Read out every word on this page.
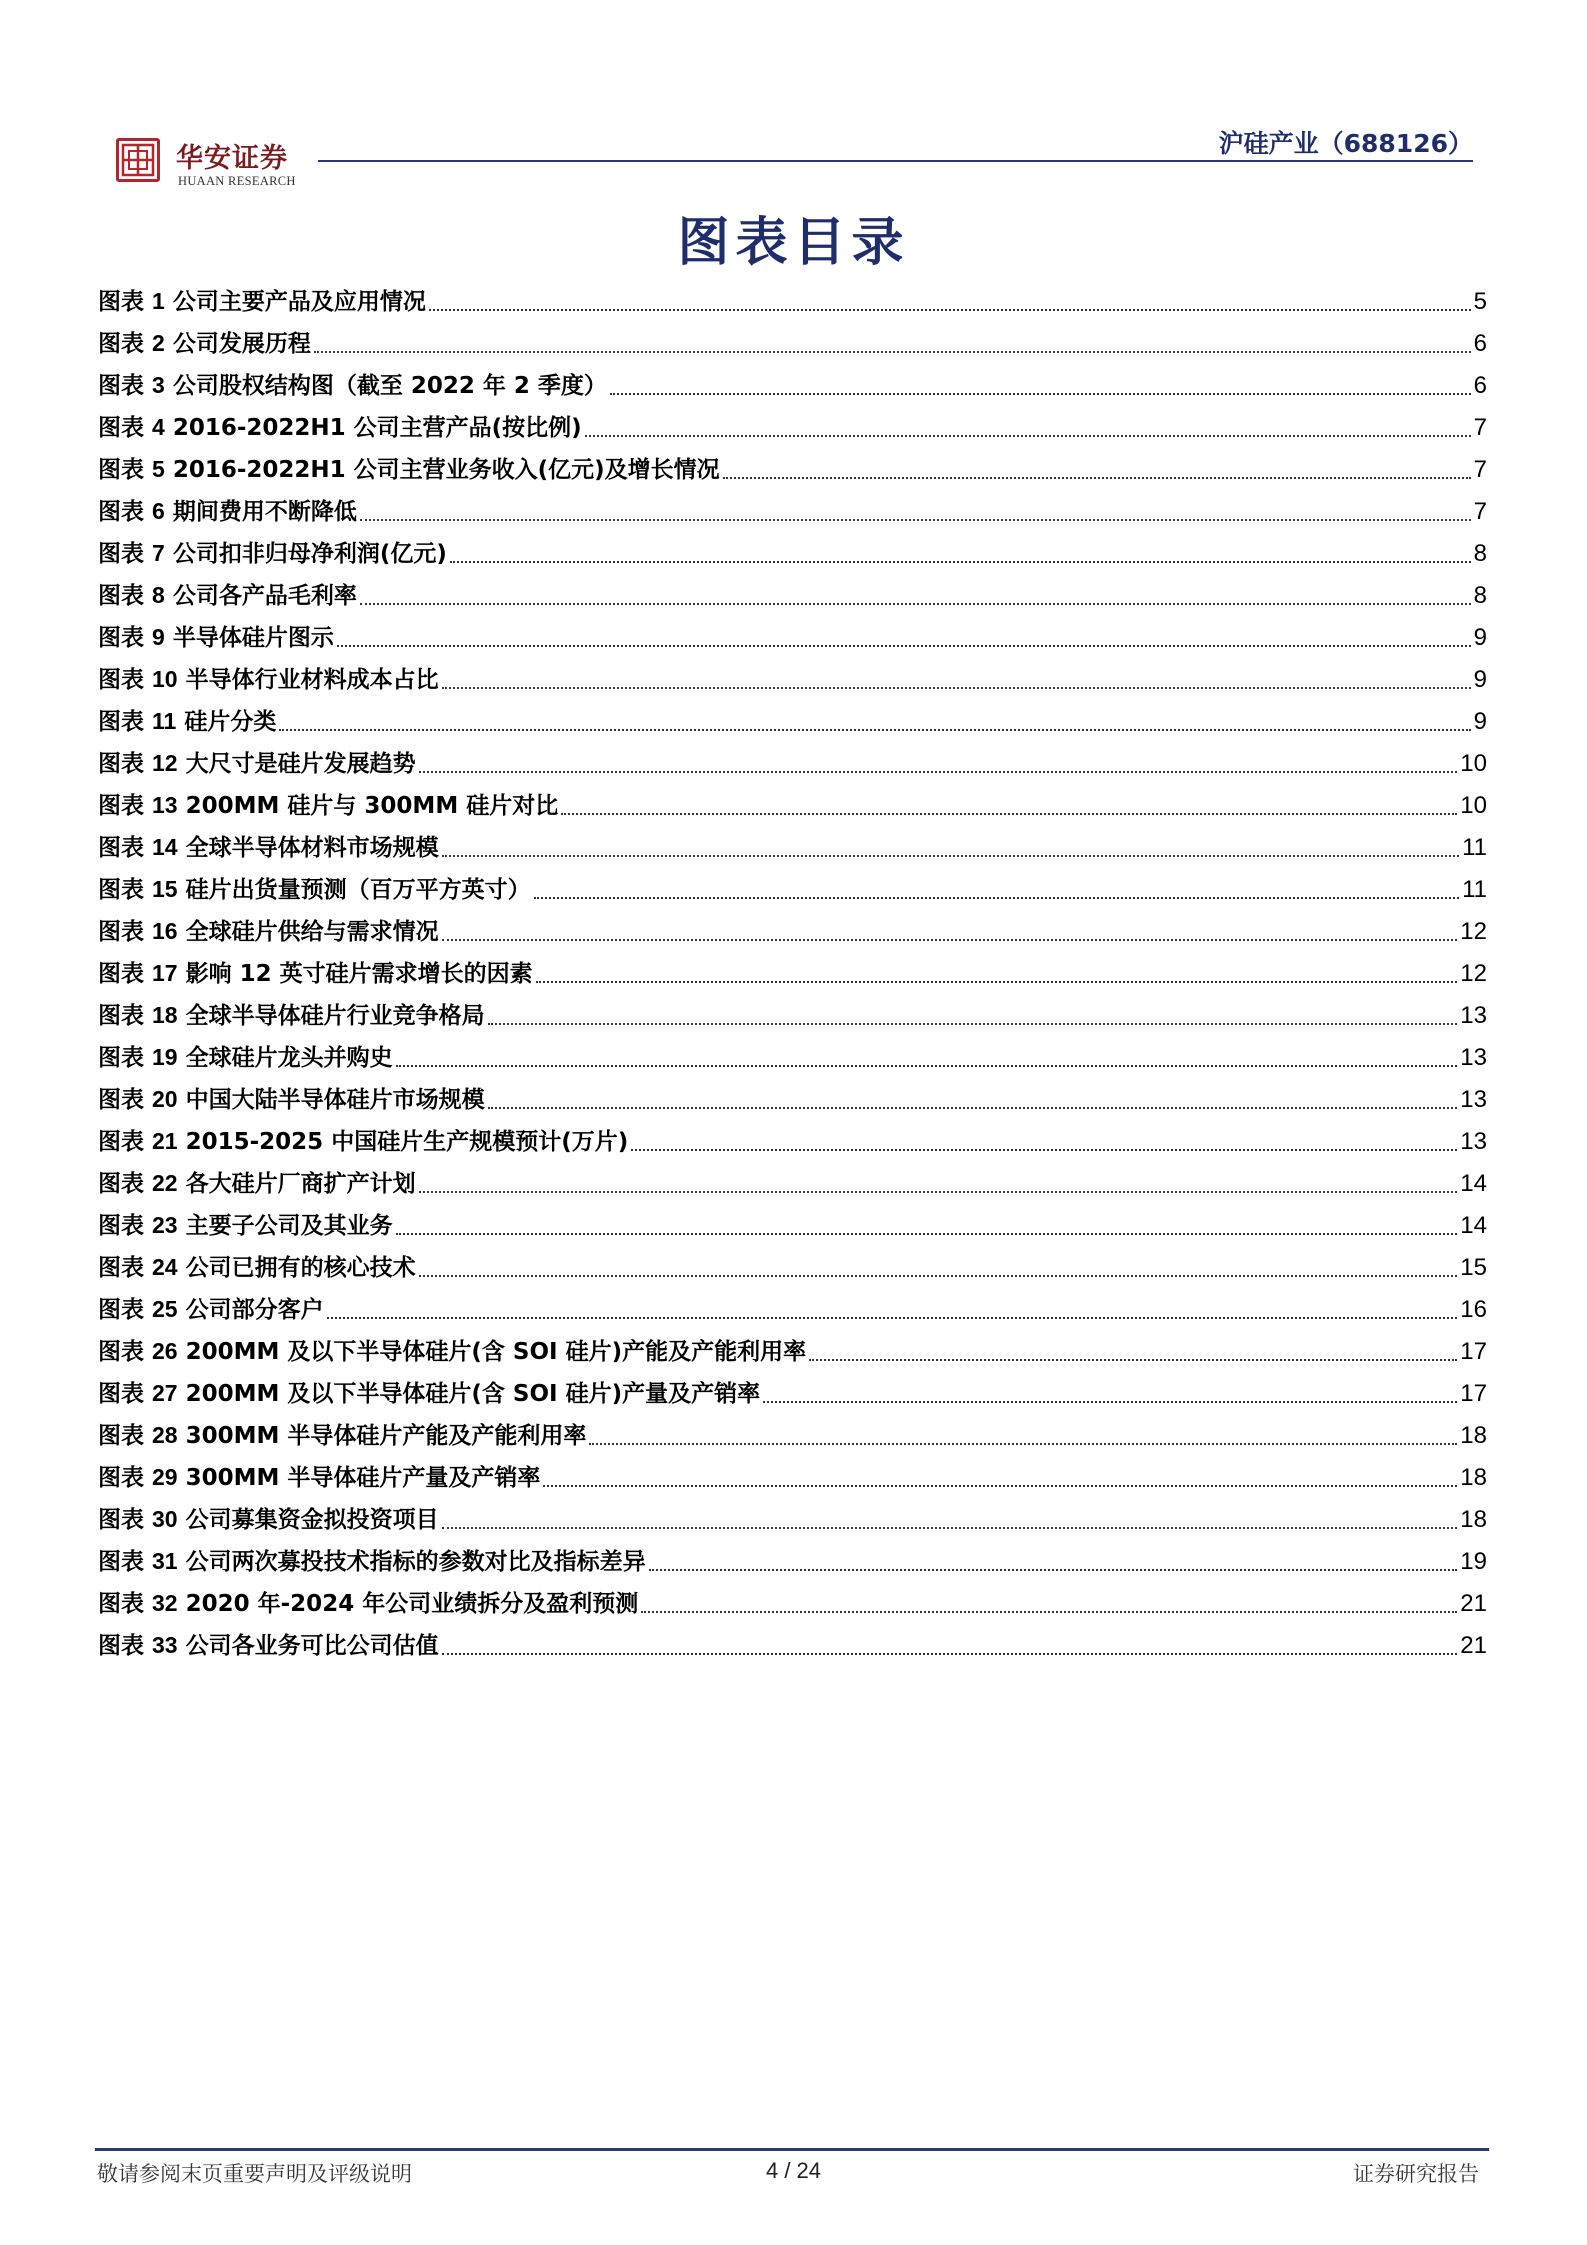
华安证券
HUAAN RESEARCH
沪硅产业（688126）
图表目录
图表 1 公司主要产品及应用情况	5
图表 2 公司发展历程	6
图表 3 公司股权结构图（截至 2022 年 2 季度）	6
图表 4 2016-2022H1 公司主营产品(按比例)	7
图表 5 2016-2022H1 公司主营业务收入(亿元)及增长情况	7
图表 6 期间费用不断降低	7
图表 7 公司扣非归母净利润(亿元)	8
图表 8 公司各产品毛利率	8
图表 9 半导体硅片图示	9
图表 10 半导体行业材料成本占比	9
图表 11 硅片分类	9
图表 12 大尺寸是硅片发展趋势	10
图表 13 200MM 硅片与 300MM 硅片对比	10
图表 14 全球半导体材料市场规模	11
图表 15 硅片出货量预测（百万平方英寸）	11
图表 16 全球硅片供给与需求情况	12
图表 17 影响 12 英寸硅片需求增长的因素	12
图表 18 全球半导体硅片行业竞争格局	13
图表 19 全球硅片龙头并购史	13
图表 20 中国大陆半导体硅片市场规模	13
图表 21 2015-2025 中国硅片生产规模预计(万片)	13
图表 22 各大硅片厂商扩产计划	14
图表 23 主要子公司及其业务	14
图表 24 公司已拥有的核心技术	15
图表 25 公司部分客户	16
图表 26 200MM 及以下半导体硅片(含 SOI 硅片)产能及产能利用率	17
图表 27 200MM 及以下半导体硅片(含 SOI 硅片)产量及产销率	17
图表 28 300MM 半导体硅片产能及产能利用率	18
图表 29 300MM 半导体硅片产量及产销率	18
图表 30 公司募集资金拟投资项目	18
图表 31 公司两次募投技术指标的参数对比及指标差异	19
图表 32 2020 年-2024 年公司业绩拆分及盈利预测	21
图表 33 公司各业务可比公司估值	21
敬请参阅末页重要声明及评级说明	4 / 24	证券研究报告
